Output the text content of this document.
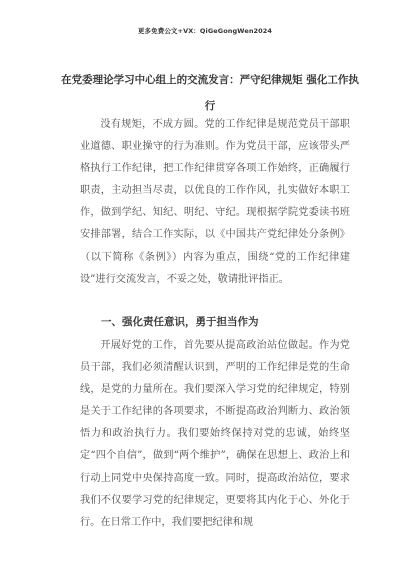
更多免费公文+VX：QiGeGongWen2024
在党委理论学习中心组上的交流发言：严守纪律规矩 强化工作执行
没有规矩，不成方圆。党的工作纪律是规范党员干部职业道德、职业操守的行为准则。作为党员干部，应该带头严格执行工作纪律，把工作纪律贯穿各项工作始终，正确履行职责，主动担当尽责，以优良的工作作风，扎实做好本职工作，做到学纪、知纪、明纪、守纪。现根据学院党委读书班安排部署，结合工作实际，以《中国共产党纪律处分条例》（以下简称《条例》）内容为重点，围绕“党的工作纪律建设”进行交流发言，不妥之处，敬请批评指正。
一、强化责任意识，勇于担当作为
开展好党的工作，首先要从提高政治站位做起。作为党员干部，我们必须清醒认识到，严明的工作纪律是党的生命线，是党的力量所在。我们要深入学习党的纪律规定，特别是关于工作纪律的各项要求，不断提高政治判断力、政治领悟力和政治执行力。我们要始终保持对党的忠诚，始终坚定“四个自信”，做到“两个维护”，确保在思想上、政治上和行动上同党中央保持高度一致。同时，提高政治站位，要求我们不仅要学习党的纪律规定，更要将其内化于心、外化于行。在日常工作中，我们要把纪律和规
